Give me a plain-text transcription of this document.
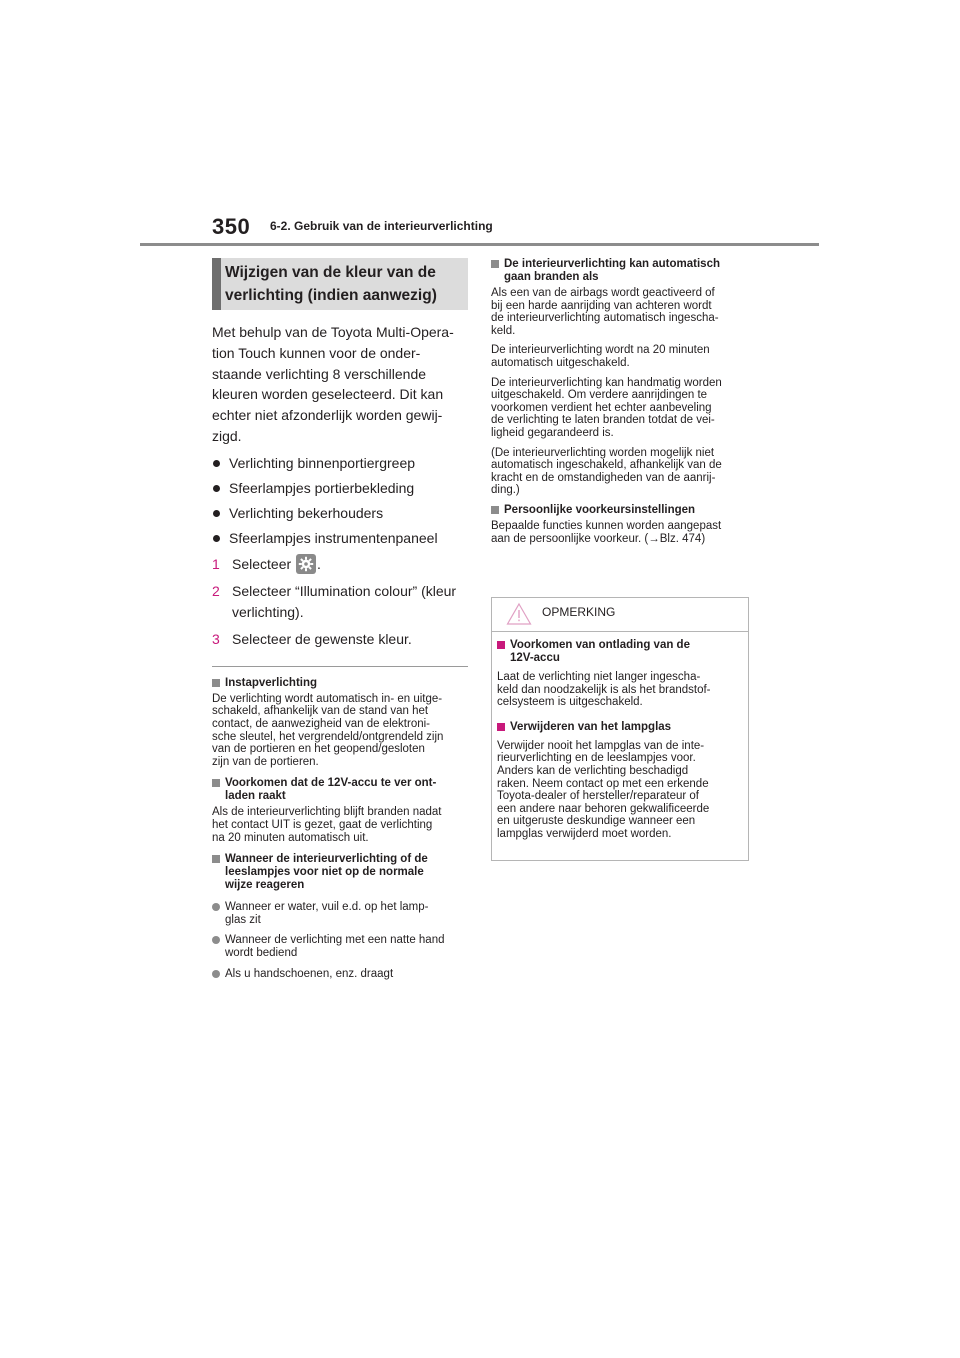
350 6-2. Gebruik van de interieurverlichting
Wijzigen van de kleur van de
verlichting (indien aanwezig)
Met behulp van de Toyota Multi-Opera-
tion Touch kunnen voor de onder-
staande verlichting 8 verschillende
kleuren worden geselecteerd. Dit kan
echter niet afzonderlijk worden gewij-
zigd.
Verlichting binnenportiergreep
Sfeerlampjes portierbekleding
Verlichting bekerhouders
Sfeerlampjes instrumentenpaneel
1 Selecteer .
2 Selecteer “Illumination colour” (kleur
verlichting).
3 Selecteer de gewenste kleur.
Instapverlichting
De verlichting wordt automatisch in- en uitge-
schakeld, afhankelijk van de stand van het
contact, de aanwezigheid van de elektroni-
sche sleutel, het vergrendeld/ontgrendeld zijn
van de portieren en het geopend/gesloten
zijn van de portieren.
Voorkomen dat de 12V-accu te ver ont-
laden raakt
Als de interieurverlichting blijft branden nadat
het contact UIT is gezet, gaat de verlichting
na 20 minuten automatisch uit.
Wanneer de interieurverlichting of de
leeslampjes voor niet op de normale
wijze reageren
Wanneer er water, vuil e.d. op het lamp-
glas zit
Wanneer de verlichting met een natte hand
wordt bediend
Als u handschoenen, enz. draagt
De interieurverlichting kan automatisch
gaan branden als
Als een van de airbags wordt geactiveerd of
bij een harde aanrijding van achteren wordt
de interieurverlichting automatisch ingescha-
keld.
De interieurverlichting wordt na 20 minuten
automatisch uitgeschakeld.
De interieurverlichting kan handmatig worden
uitgeschakeld. Om verdere aanrijdingen te
voorkomen verdient het echter aanbeveling
de verlichting te laten branden totdat de vei-
ligheid gegarandeerd is.
(De interieurverlichting worden mogelijk niet
automatisch ingeschakeld, afhankelijk van de
kracht en de omstandigheden van de aanrij-
ding.)
Persoonlijke voorkeursinstellingen
Bepaalde functies kunnen worden aangepast
aan de persoonlijke voorkeur. (→Blz. 474)
OPMERKING
Voorkomen van ontlading van de
12V-accu
Laat de verlichting niet langer ingescha-
keld dan noodzakelijk is als het brandstof-
celsysteem is uitgeschakeld.
Verwijderen van het lampglas
Verwijder nooit het lampglas van de inte-
rieurverlichting en de leeslampjes voor.
Anders kan de verlichting beschadigd
raken. Neem contact op met een erkende
Toyota-dealer of hersteller/reparateur of
een andere naar behoren gekwalificeerde
en uitgeruste deskundige wanneer een
lampglas verwijderd moet worden.
